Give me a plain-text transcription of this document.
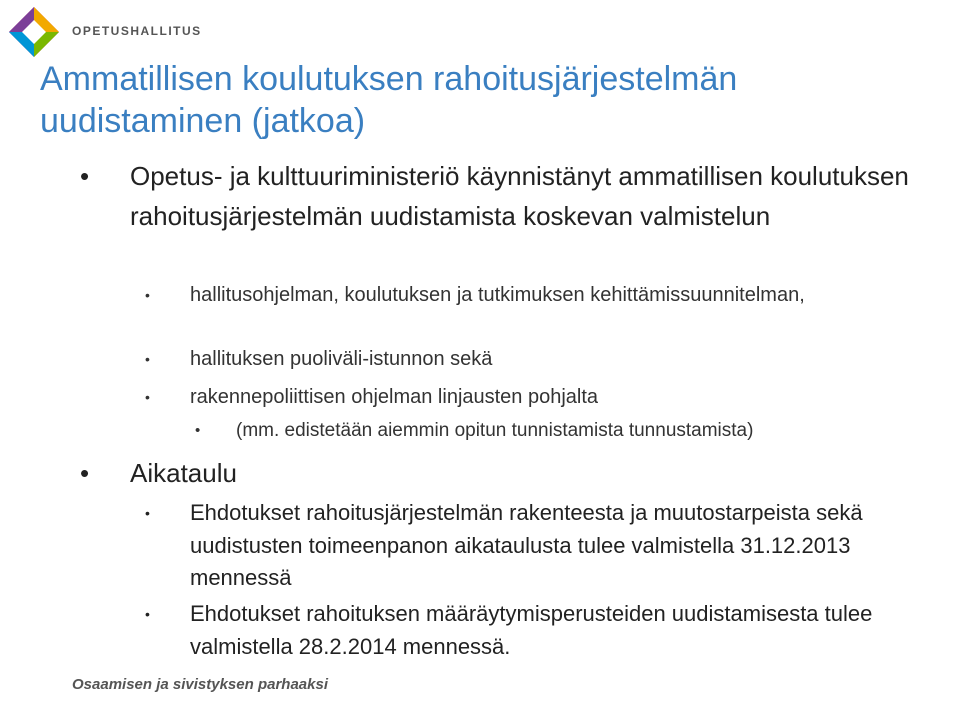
OPETUSHALLITUS
Ammatillisen koulutuksen rahoitusjärjestelmän uudistaminen (jatkoa)
•	Opetus- ja kulttuuriministeriö käynnistänyt ammatillisen koulutuksen rahoitusjärjestelmän uudistamista koskevan valmistelun
•	hallitusohjelman, koulutuksen ja tutkimuksen kehittämissuunnitelman,
•	hallituksen puoliväli-istunnon sekä
•	rakennepoliittisen ohjelman linjausten pohjalta
•	(mm. edistetään aiemmin opitun tunnistamista tunnustamista)
•	Aikataulu
•	Ehdotukset rahoitusjärjestelmän rakenteesta ja muutostarpeista sekä uudistusten toimeenpanon aikataulusta tulee valmistella 31.12.2013 mennessä
•	Ehdotukset rahoituksen määräytymisperusteiden uudistamisesta tulee valmistella 28.2.2014 mennessä.
Osaamisen ja sivistyksen parhaaksi
